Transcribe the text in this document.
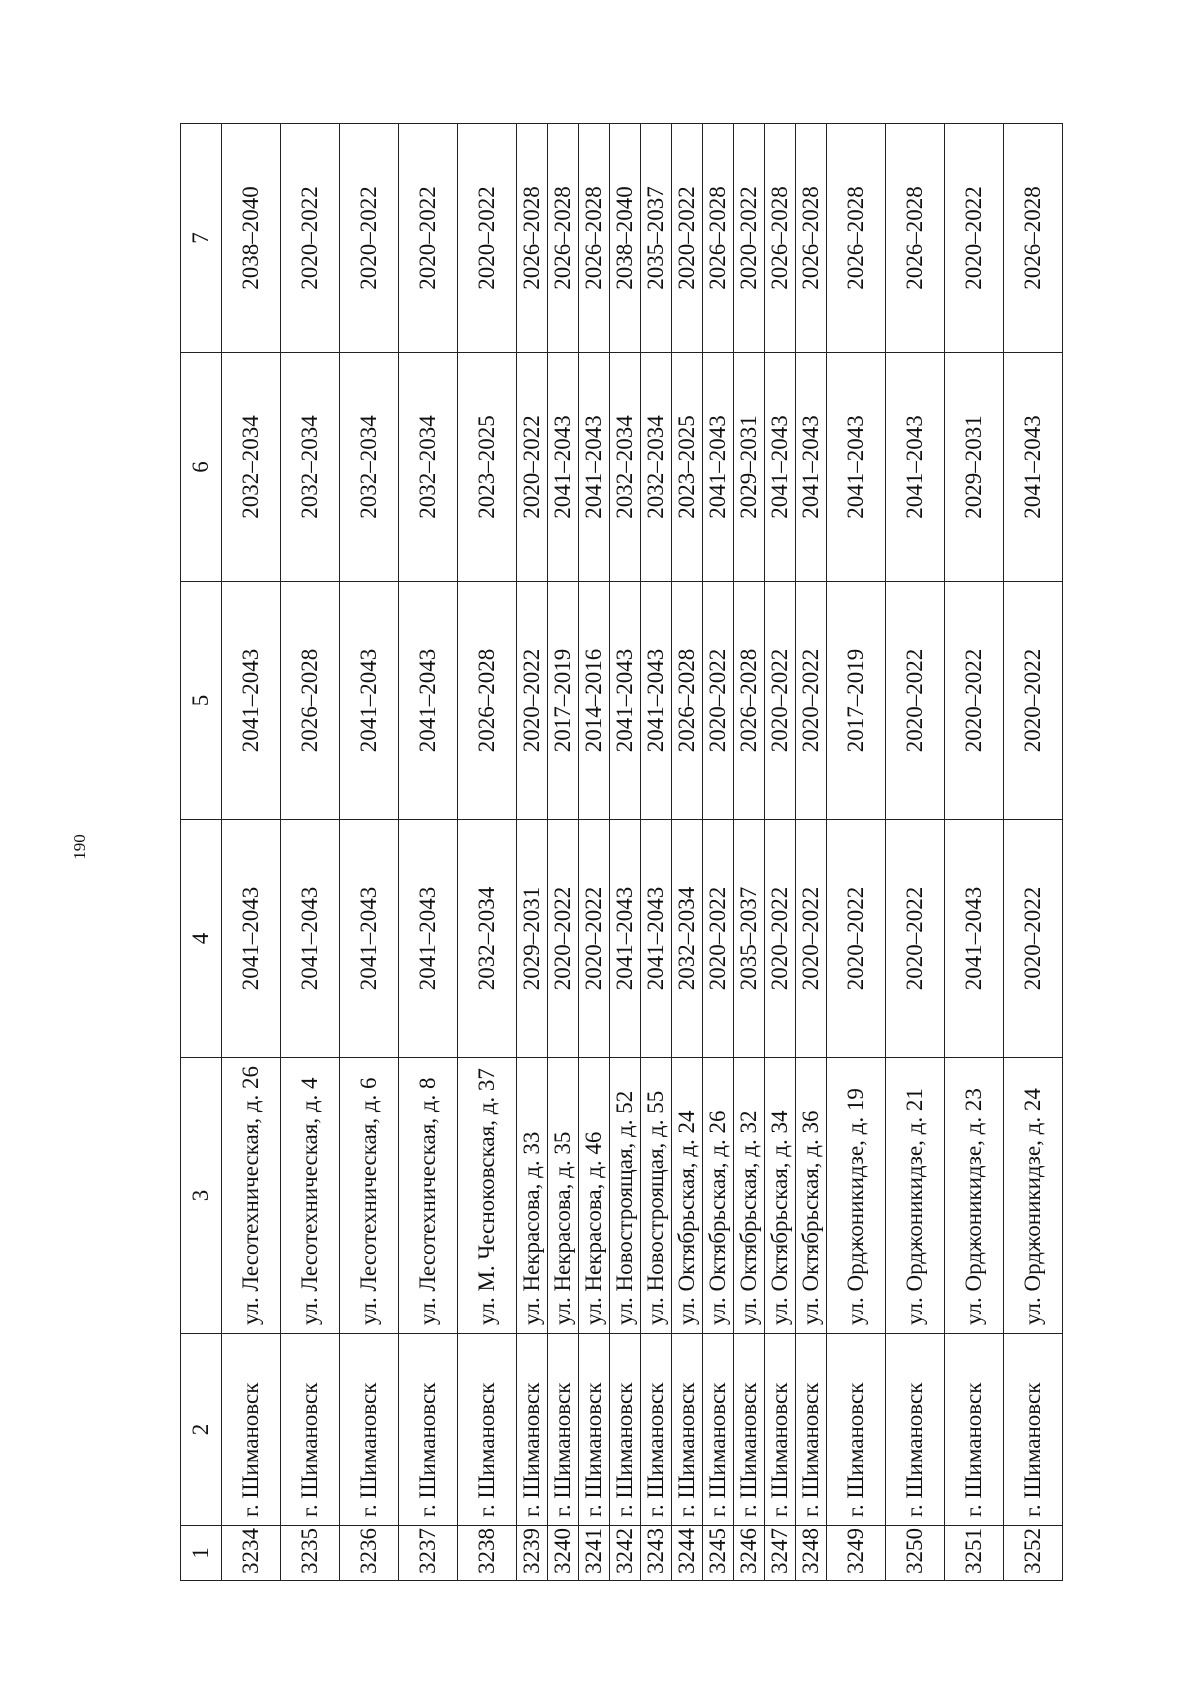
190
1	2	3	4	5	6	7
3234	г. Шимановск	ул. Лесотехническая, д. 26	2041–2043	2041–2043	2032–2034	2038–2040
3235	г. Шимановск	ул. Лесотехническая, д. 4	2041–2043	2026–2028	2032–2034	2020–2022
3236	г. Шимановск	ул. Лесотехническая, д. 6	2041–2043	2041–2043	2032–2034	2020–2022
3237	г. Шимановск	ул. Лесотехническая, д. 8	2041–2043	2041–2043	2032–2034	2020–2022
3238	г. Шимановск	ул. М. Чесноковская, д. 37	2032–2034	2026–2028	2023–2025	2020–2022
3239	г. Шимановск	ул. Некрасова, д. 33	2029–2031	2020–2022	2020–2022	2026–2028
3240	г. Шимановск	ул. Некрасова, д. 35	2020–2022	2017–2019	2041–2043	2026–2028
3241	г. Шимановск	ул. Некрасова, д. 46	2020–2022	2014–2016	2041–2043	2026–2028
3242	г. Шимановск	ул. Новостроящая, д. 52	2041–2043	2041–2043	2032–2034	2038–2040
3243	г. Шимановск	ул. Новостроящая, д. 55	2041–2043	2041–2043	2032–2034	2035–2037
3244	г. Шимановск	ул. Октябрьская, д. 24	2032–2034	2026–2028	2023–2025	2020–2022
3245	г. Шимановск	ул. Октябрьская, д. 26	2020–2022	2020–2022	2041–2043	2026–2028
3246	г. Шимановск	ул. Октябрьская, д. 32	2035–2037	2026–2028	2029–2031	2020–2022
3247	г. Шимановск	ул. Октябрьская, д. 34	2020–2022	2020–2022	2041–2043	2026–2028
3248	г. Шимановск	ул. Октябрьская, д. 36	2020–2022	2020–2022	2041–2043	2026–2028
3249	г. Шимановск	ул. Орджоникидзе, д. 19	2020–2022	2017–2019	2041–2043	2026–2028
3250	г. Шимановск	ул. Орджоникидзе, д. 21	2020–2022	2020–2022	2041–2043	2026–2028
3251	г. Шимановск	ул. Орджоникидзе, д. 23	2041–2043	2020–2022	2029–2031	2020–2022
3252	г. Шимановск	ул. Орджоникидзе, д. 24	2020–2022	2020–2022	2041–2043	2026–2028
